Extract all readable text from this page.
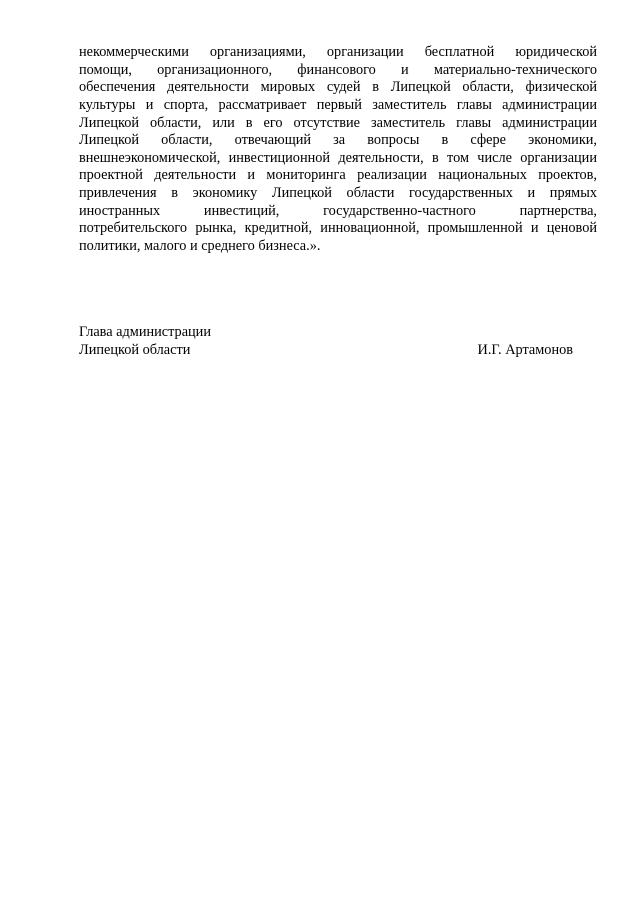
некоммерческими организациями, организации бесплатной юридической
помощи, организационного, финансового и материально-технического
обеспечения деятельности мировых судей в Липецкой области, физической
культуры и спорта, рассматривает первый заместитель главы администрации
Липецкой области, или в его отсутствие заместитель главы администрации
Липецкой области, отвечающий за вопросы в сфере экономики,
внешнеэкономической, инвестиционной деятельности, в том числе организации
проектной деятельности и мониторинга реализации национальных проектов,
привлечения в экономику Липецкой области государственных и прямых
иностранных инвестиций, государственно-частного партнерства,
потребительского рынка, кредитной, инновационной, промышленной и ценовой
политики, малого и среднего бизнеса.».
Глава администрации
Липецкой области	И.Г. Артамонов
